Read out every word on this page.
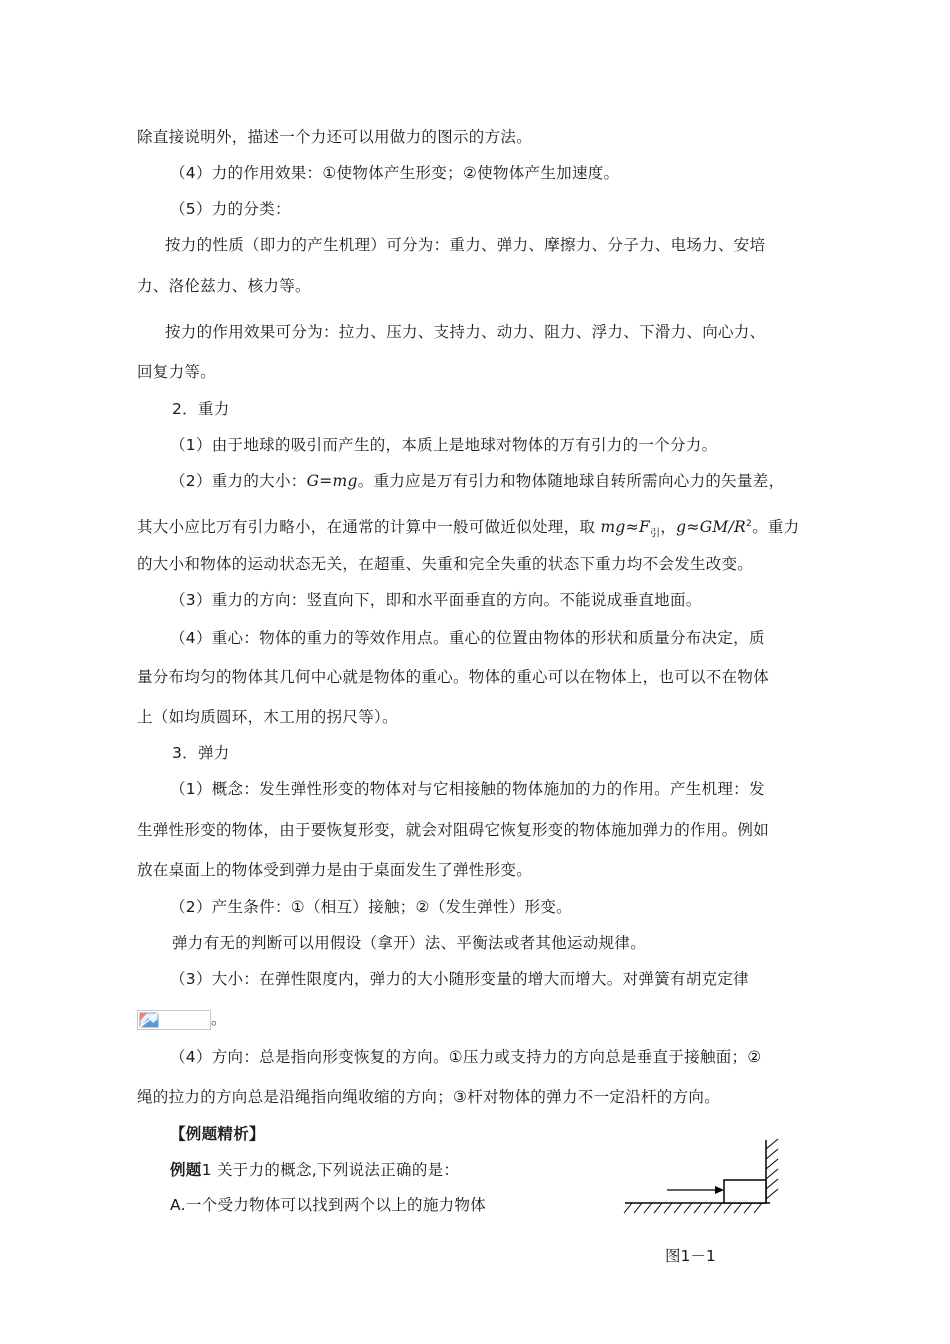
除直接说明外，描述一个力还可以用做力的图示的方法。
（4）力的作用效果：①使物体产生形变；②使物体产生加速度。
（5）力的分类：
按力的性质（即力的产生机理）可分为：重力、弹力、摩擦力、分子力、电场力、安培
力、洛伦兹力、核力等。
按力的作用效果可分为：拉力、压力、支持力、动力、阻力、浮力、下滑力、向心力、
回复力等。
2．重力
（1）由于地球的吸引而产生的，本质上是地球对物体的万有引力的一个分力。
（2）重力的大小：G=mg。重力应是万有引力和物体随地球自转所需向心力的矢量差，
其大小应比万有引力略小，在通常的计算中一般可做近似处理，取 $mg\approx F_引$，$g\approx GM/R^2$。重力
的大小和物体的运动状态无关，在超重、失重和完全失重的状态下重力均不会发生改变。
（3）重力的方向：竖直向下，即和水平面垂直的方向。不能说成垂直地面。
（4）重心：物体的重力的等效作用点。重心的位置由物体的形状和质量分布决定，质
量分布均匀的物体其几何中心就是物体的重心。物体的重心可以在物体上，也可以不在物体
上（如均质圆环，木工用的拐尺等）。
3．弹力
（1）概念：发生弹性形变的物体对与它相接触的物体施加的力的作用。产生机理：发
生弹性形变的物体，由于要恢复形变，就会对阻碍它恢复形变的物体施加弹力的作用。例如
放在桌面上的物体受到弹力是由于桌面发生了弹性形变。
（2）产生条件：①（相互）接触；②（发生弹性）形变。
弹力有无的判断可以用假设（拿开）法、平衡法或者其他运动规律。
（3）大小：在弹性限度内，弹力的大小随形变量的增大而增大。对弹簧有胡克定律
。
（4）方向：总是指向形变恢复的方向。①压力或支持力的方向总是垂直于接触面；②
绳的拉力的方向总是沿绳指向绳收缩的方向；③杆对物体的弹力不一定沿杆的方向。
【例题精析】
例题1 关于力的概念,下列说法正确的是：
A.一个受力物体可以找到两个以上的施力物体
图1－1
